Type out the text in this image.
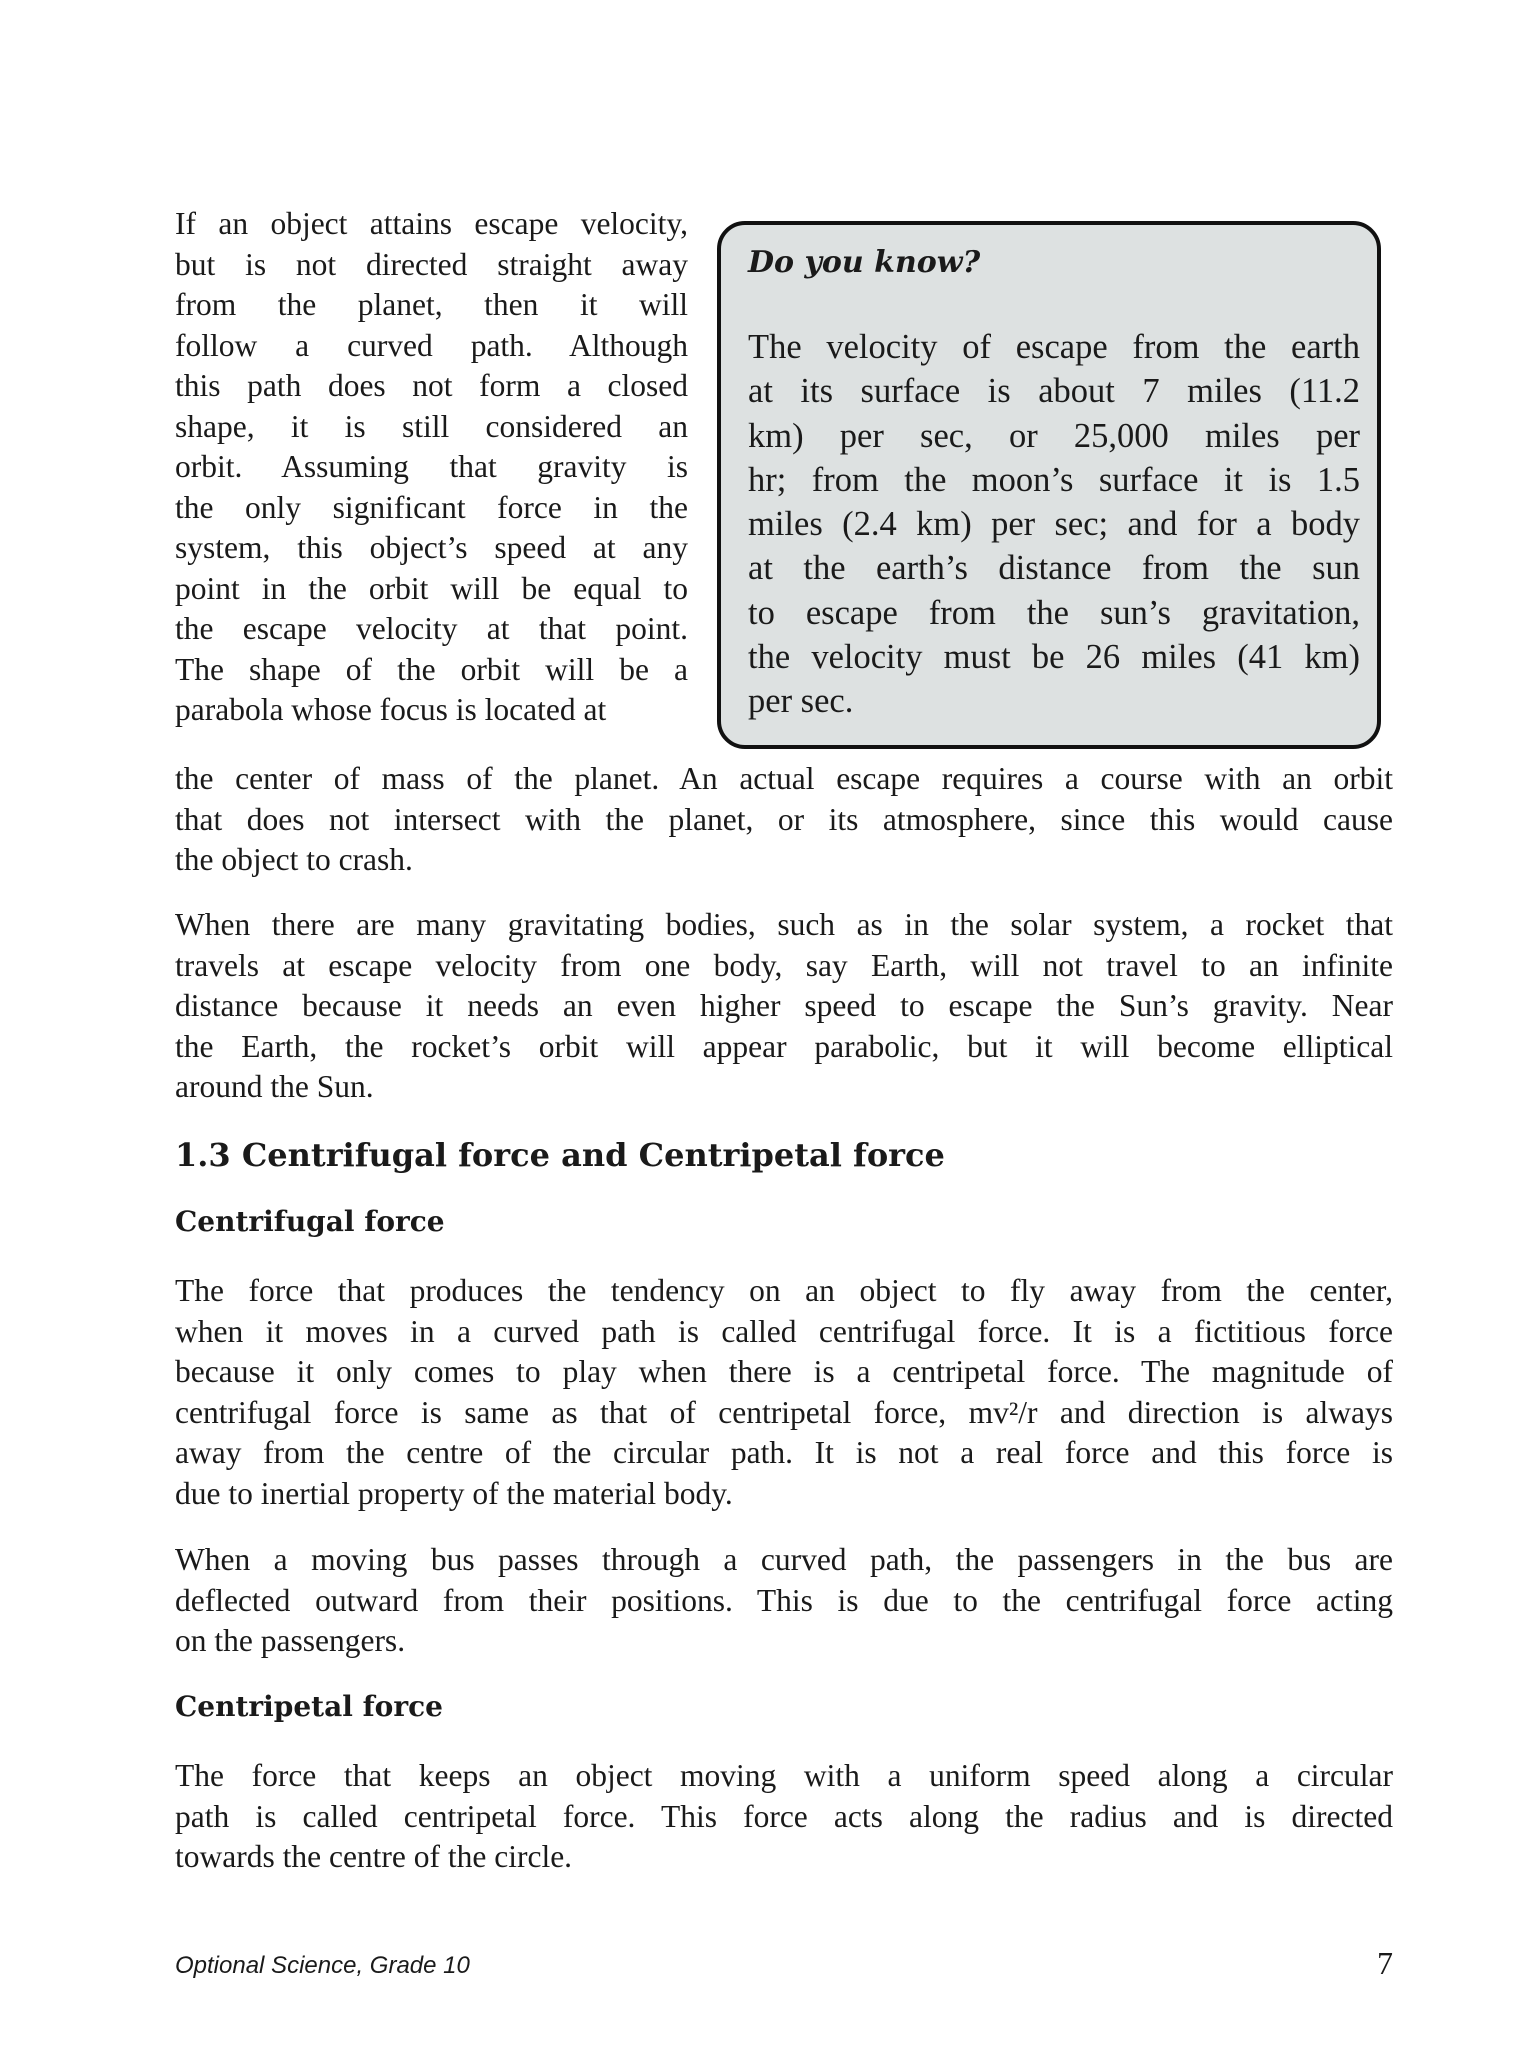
If an object attains escape velocity,
but is not directed straight away
from the planet, then it will
follow a curved path. Although
this path does not form a closed
shape, it is still considered an
orbit. Assuming that gravity is
the only significant force in the
system, this object’s speed at any
point in the orbit will be equal to
the escape velocity at that point.
The shape of the orbit will be a
parabola whose focus is located at
Do you know?
The velocity of escape from the earth
at its surface is about 7 miles (11.2
km) per sec, or 25,000 miles per
hr; from the moon’s surface it is 1.5
miles (2.4 km) per sec; and for a body
at the earth’s distance from the sun
to escape from the sun’s gravitation,
the velocity must be 26 miles (41 km)
per sec.
the center of mass of the planet. An actual escape requires a course with an orbit
that does not intersect with the planet, or its atmosphere, since this would cause
the object to crash.
When there are many gravitating bodies, such as in the solar system, a rocket that
travels at escape velocity from one body, say Earth, will not travel to an infinite
distance because it needs an even higher speed to escape the Sun’s gravity. Near
the Earth, the rocket’s orbit will appear parabolic, but it will become elliptical
around the Sun.
1.3 Centrifugal force and Centripetal force
Centrifugal force
The force that produces the tendency on an object to fly away from the center,
when it moves in a curved path is called centrifugal force. It is a fictitious force
because it only comes to play when there is a centripetal force. The magnitude of
centrifugal force is same as that of centripetal force, mv²/r and direction is always
away from the centre of the circular path. It is not a real force and this force is
due to inertial property of the material body.
When a moving bus passes through a curved path, the passengers in the bus are
deflected outward from their positions. This is due to the centrifugal force acting
on the passengers.
Centripetal force
The force that keeps an object moving with a uniform speed along a circular
path is called centripetal force. This force acts along the radius and is directed
towards the centre of the circle.
Optional Science, Grade 10	7
